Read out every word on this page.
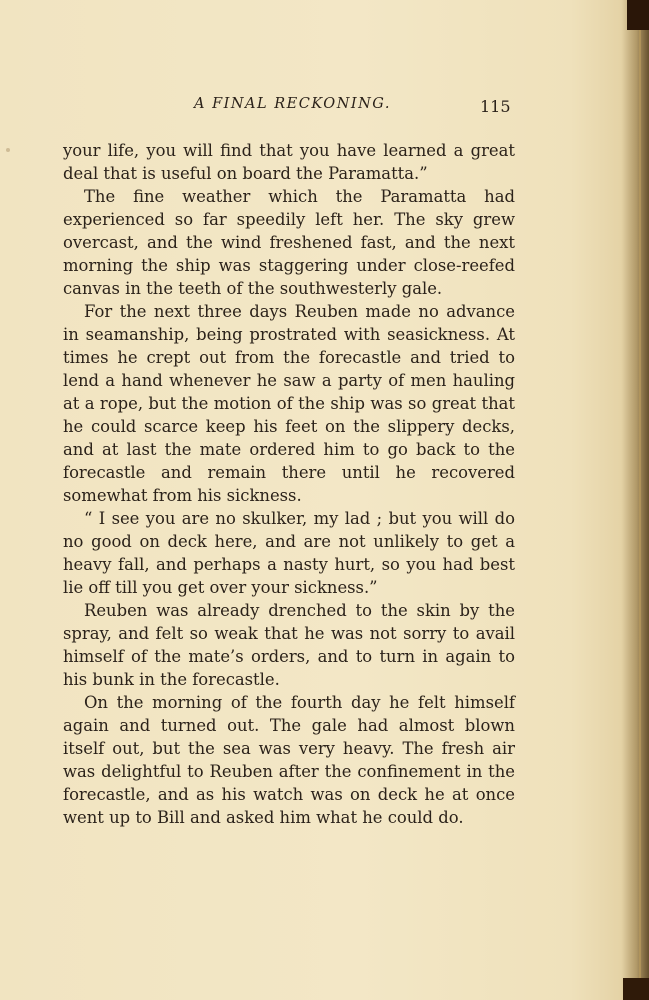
A FINAL RECKONING.	115

your life, you will find that you have learned a great deal that is useful on board the Paramatta.”

The fine weather which the Paramatta had experienced so far speedily left her. The sky grew overcast, and the wind freshened fast, and the next morning the ship was staggering under close-reefed canvas in the teeth of the southwesterly gale.

For the next three days Reuben made no advance in seamanship, being prostrated with seasickness. At times he crept out from the forecastle and tried to lend a hand whenever he saw a party of men hauling at a rope, but the motion of the ship was so great that he could scarce keep his feet on the slippery decks, and at last the mate ordered him to go back to the forecastle and remain there until he recovered somewhat from his sickness.

“ I see you are no skulker, my lad ; but you will do no good on deck here, and are not unlikely to get a heavy fall, and perhaps a nasty hurt, so you had best lie off till you get over your sickness.”

Reuben was already drenched to the skin by the spray, and felt so weak that he was not sorry to avail himself of the mate’s orders, and to turn in again to his bunk in the forecastle.

On the morning of the fourth day he felt himself again and turned out. The gale had almost blown itself out, but the sea was very heavy. The fresh air was delightful to Reuben after the confinement in the forecastle, and as his watch was on deck he at once went up to Bill and asked him what he could do.
